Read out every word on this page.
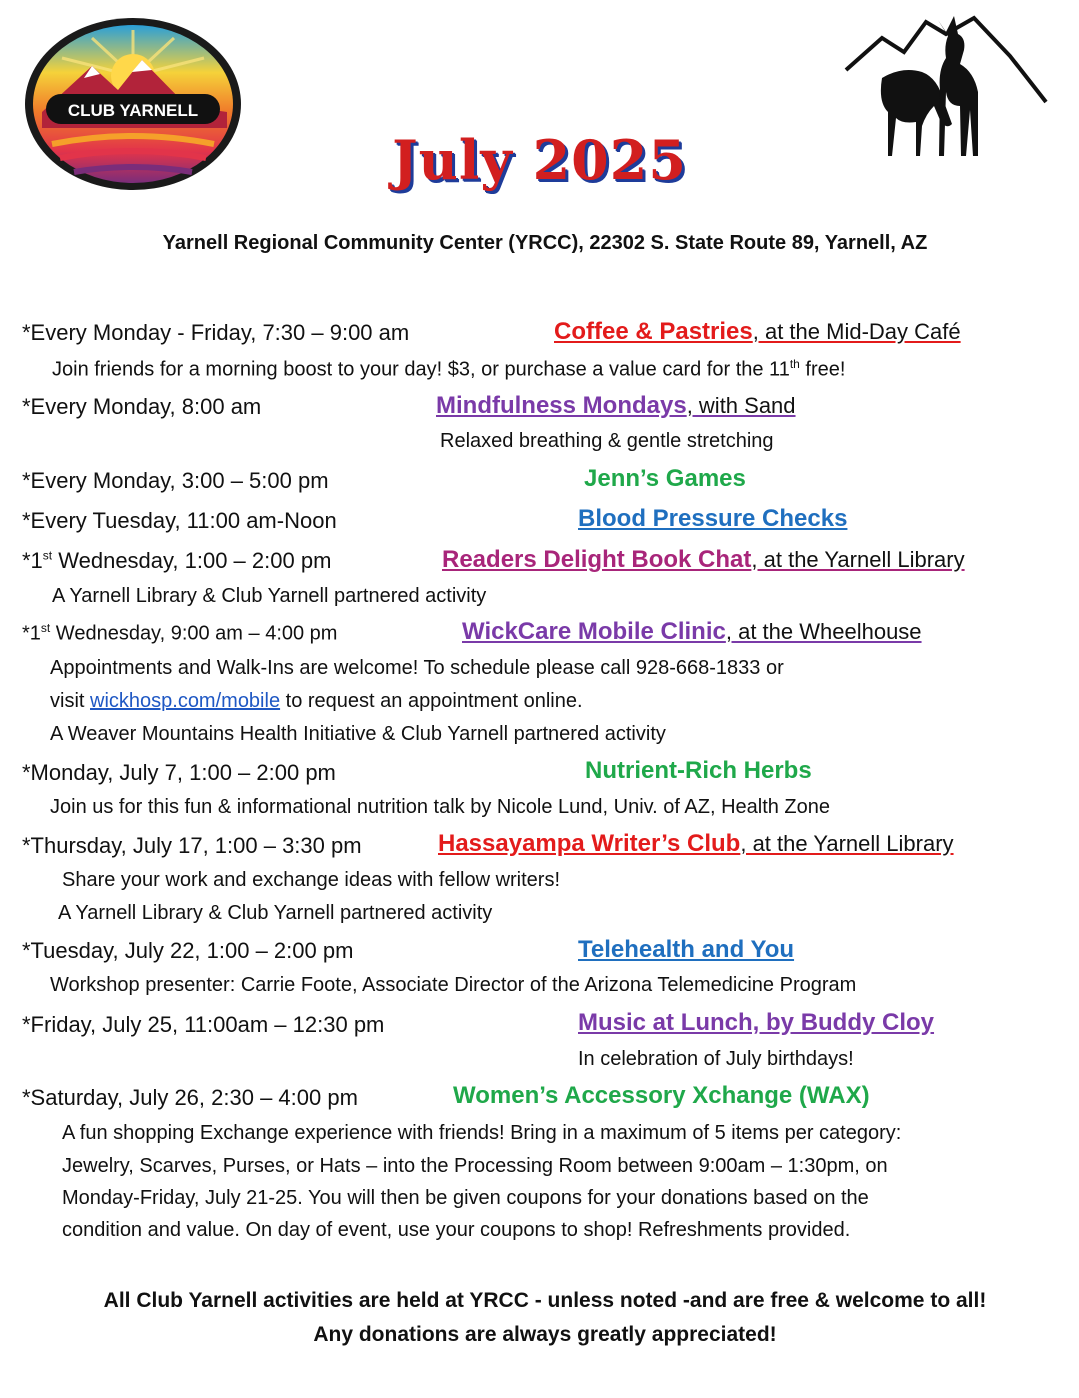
CLUB YARNELL
July 2025
Yarnell Regional Community Center (YRCC), 22302 S. State Route 89, Yarnell, AZ
*Every Monday - Friday, 7:30 – 9:00 am	Coffee & Pastries, at the Mid-Day Café
Join friends for a morning boost to your day! $3, or purchase a value card for the 11th free!
*Every Monday, 8:00 am	Mindfulness Mondays, with Sand
Relaxed breathing & gentle stretching
*Every Monday, 3:00 – 5:00 pm	Jenn’s Games
*Every Tuesday, 11:00 am-Noon	Blood Pressure Checks
*1st Wednesday, 1:00 – 2:00 pm	Readers Delight Book Chat, at the Yarnell Library
A Yarnell Library & Club Yarnell partnered activity
*1st Wednesday, 9:00 am – 4:00 pm	WickCare Mobile Clinic, at the Wheelhouse
Appointments and Walk-Ins are welcome! To schedule please call 928-668-1833 or
visit wickhosp.com/mobile to request an appointment online.
A Weaver Mountains Health Initiative & Club Yarnell partnered activity
*Monday, July 7, 1:00 – 2:00 pm	Nutrient-Rich Herbs
Join us for this fun & informational nutrition talk by Nicole Lund, Univ. of AZ, Health Zone
*Thursday, July 17, 1:00 – 3:30 pm	Hassayampa Writer’s Club, at the Yarnell Library
Share your work and exchange ideas with fellow writers!
A Yarnell Library & Club Yarnell partnered activity
*Tuesday, July 22, 1:00 – 2:00 pm	Telehealth and You
Workshop presenter: Carrie Foote, Associate Director of the Arizona Telemedicine Program
*Friday, July 25, 11:00am – 12:30 pm	Music at Lunch, by Buddy Cloy
In celebration of July birthdays!
*Saturday, July 26, 2:30 – 4:00 pm	Women’s Accessory Xchange (WAX)
A fun shopping Exchange experience with friends! Bring in a maximum of 5 items per category:
Jewelry, Scarves, Purses, or Hats – into the Processing Room between 9:00am – 1:30pm, on
Monday-Friday, July 21-25. You will then be given coupons for your donations based on the
condition and value. On day of event, use your coupons to shop! Refreshments provided.
All Club Yarnell activities are held at YRCC - unless noted -and are free & welcome to all!
Any donations are always greatly appreciated!
